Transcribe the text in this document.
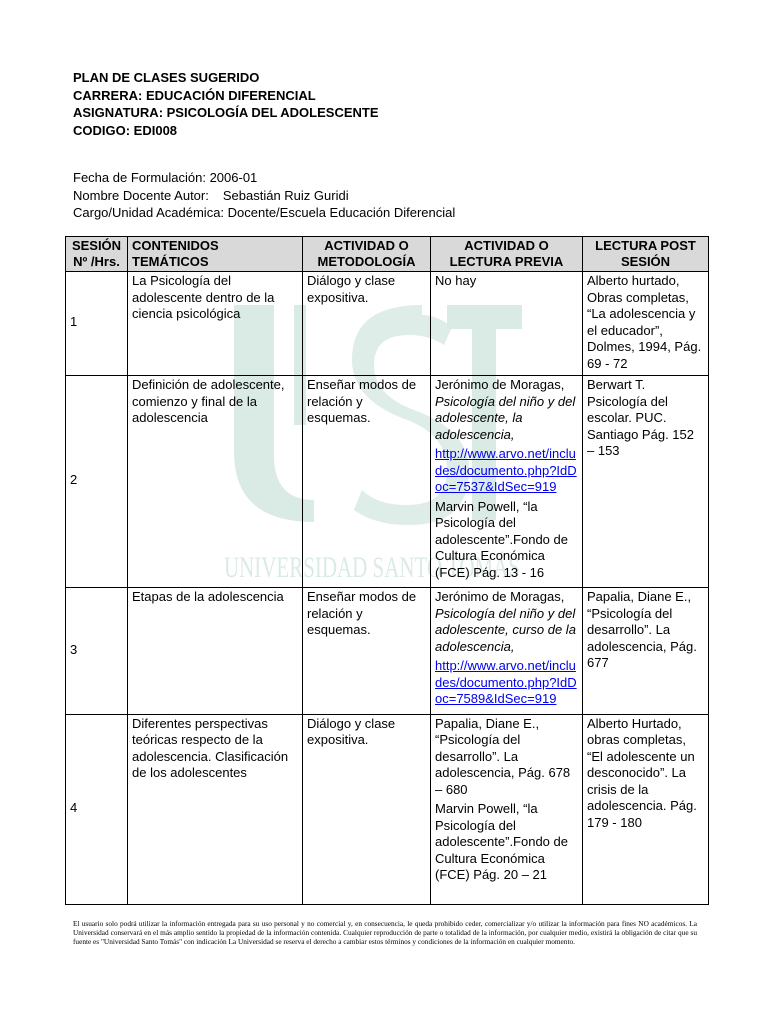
UNIVERSIDAD SANTO TOMÁS
PLAN DE CLASES SUGERIDO
CARRERA: EDUCACIÓN DIFERENCIAL
ASIGNATURA: PSICOLOGÍA DEL ADOLESCENTE
CODIGO: EDI008
Fecha de Formulación: 2006-01
Nombre Docente Autor: Sebastián Ruiz Guridi
Cargo/Unidad Académica: Docente/Escuela Educación Diferencial
SESIÓN Nº /Hrs.	CONTENIDOS TEMÁTICOS	ACTIVIDAD O METODOLOGÍA	ACTIVIDAD O LECTURA PREVIA	LECTURA POST SESIÓN
1	La Psicología del adolescente dentro de la ciencia psicológica	Diálogo y clase expositiva.	No hay	Alberto hurtado, Obras completas, “La adolescencia y el educador”, Dolmes, 1994, Pág. 69 - 72
2	Definición de adolescente, comienzo y final de la adolescencia	Enseñar modos de relación y esquemas.	Jerónimo de Moragas,
Psicología del niño y del adolescente, la adolescencia,
http://www.arvo.net/includes/documento.php?IdDoc=7537&IdSec=919
Marvin Powell, “la Psicología del adolescente”.Fondo de Cultura Económica (FCE) Pág. 13 - 16	Berwart T. Psicología del escolar. PUC. Santiago Pág. 152 – 153
3	Etapas de la adolescencia	Enseñar modos de relación y esquemas.	Jerónimo de Moragas,
Psicología del niño y del adolescente, curso de la adolescencia,
http://www.arvo.net/includes/documento.php?IdDoc=7589&IdSec=919	Papalia, Diane E., “Psicología del desarrollo”. La adolescencia, Pág. 677
4	Diferentes perspectivas teóricas respecto de la adolescencia. Clasificación de los adolescentes	Diálogo y clase expositiva.	Papalia, Diane E., “Psicología del desarrollo”. La adolescencia, Pág. 678 – 680
Marvin Powell, “la Psicología del adolescente”.Fondo de Cultura Económica (FCE) Pág. 20 – 21	Alberto Hurtado, obras completas, “El adolescente un desconocido”. La crisis de la adolescencia. Pág. 179 - 180
El usuario solo podrá utilizar la información entregada para su uso personal y no comercial y, en consecuencia, le queda prohibido ceder, comercializar y/o utilizar la información para fines NO académicos. La Universidad conservará en el más amplio sentido la propiedad de la información contenida. Cualquier reproducción de parte o totalidad de la información, por cualquier medio, existirá la obligación de citar que su fuente es "Universidad Santo Tomás" con indicación La Universidad se reserva el derecho a cambiar estos términos y condiciones de la información en cualquier momento.
